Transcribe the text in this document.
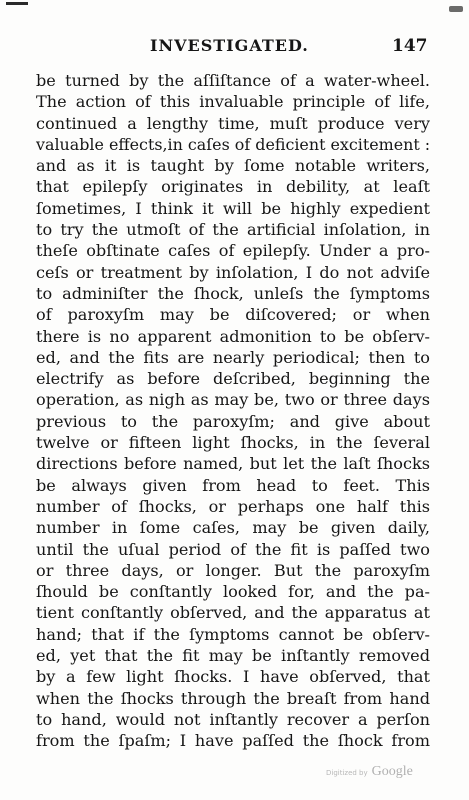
INVESTIGATED.	147
be turned by the aſſiſtance of a water-wheel.
The action of this invaluable principle of life,
continued a lengthy time, muſt produce very
valuable effects,in caſes of deficient excitement :
and as it is taught by ſome notable writers,
that epilepſy originates in debility, at leaſt
ſometimes, I think it will be highly expedient
to try the utmoſt of the artificial inſolation, in
theſe obſtinate caſes of epilepſy. Under a pro-
ceſs or treatment by inſolation, I do not adviſe
to adminiſter the ſhock, unleſs the ſymptoms
of paroxyſm may be diſcovered; or when
there is no apparent admonition to be obſerv-
ed, and the fits are nearly periodical; then to
electrify as before deſcribed, beginning the
operation, as nigh as may be, two or three days
previous to the paroxyſm; and give about
twelve or fifteen light ſhocks, in the ſeveral
directions before named, but let the laſt ſhocks
be always given from head to feet. This
number of ſhocks, or perhaps one half this
number in ſome caſes, may be given daily,
until the uſual period of the fit is paſſed two
or three days, or longer. But the paroxyſm
ſhould be conſtantly looked for, and the pa-
tient conſtantly obſerved, and the apparatus at
hand; that if the ſymptoms cannot be obſerv-
ed, yet that the fit may be inſtantly removed
by a few light ſhocks. I have obſerved, that
when the ſhocks through the breaſt from hand
to hand, would not inſtantly recover a perſon
from the ſpaſm; I have paſſed the ſhock from
Digitized by Google
